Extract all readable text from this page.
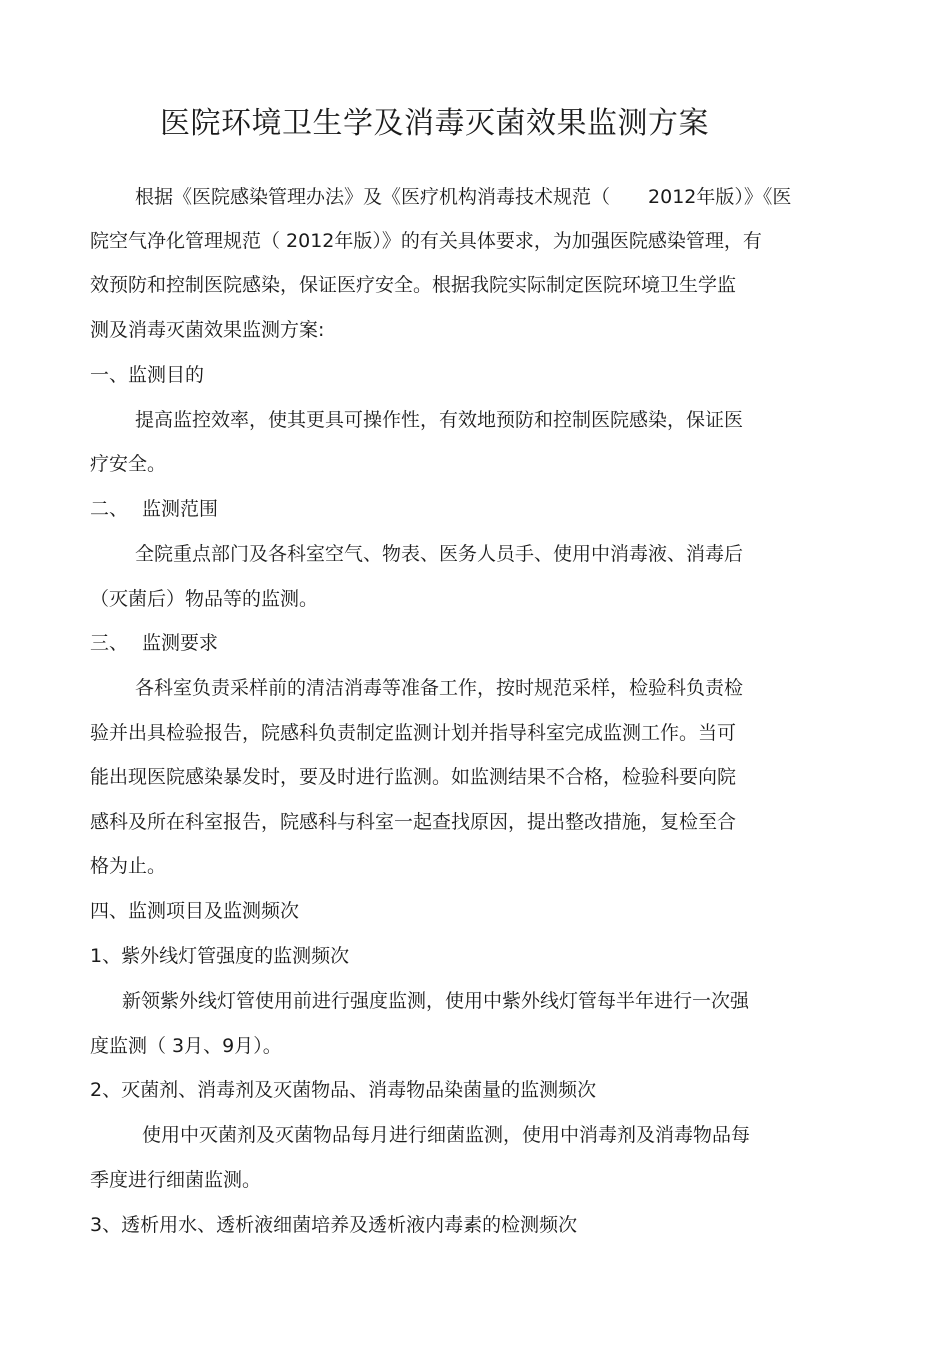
医院环境卫生学及消毒灭菌效果监测方案
根据《医院感染管理办法》及《医疗机构消毒技术规范（ 2012年版）》《医
院空气净化管理规范（ 2012年版）》的有关具体要求，为加强医院感染管理，有
效预防和控制医院感染，保证医疗安全。根据我院实际制定医院环境卫生学监
测及消毒灭菌效果监测方案:
一、监测目的
提高监控效率，使其更具可操作性，有效地预防和控制医院感染，保证医
疗安全。
二、 监测范围
全院重点部门及各科室空气、物表、医务人员手、使用中消毒液、消毒后
（灭菌后）物品等的监测。
三、 监测要求
各科室负责采样前的清洁消毒等准备工作，按时规范采样，检验科负责检
验并出具检验报告，院感科负责制定监测计划并指导科室完成监测工作。当可
能出现医院感染暴发时，要及时进行监测。如监测结果不合格，检验科要向院
感科及所在科室报告，院感科与科室一起查找原因，提出整改措施，复检至合
格为止。
四、监测项目及监测频次
1、紫外线灯管强度的监测频次
新领紫外线灯管使用前进行强度监测，使用中紫外线灯管每半年进行一次强
度监测（ 3月、9月）。
2、灭菌剂、消毒剂及灭菌物品、消毒物品染菌量的监测频次
使用中灭菌剂及灭菌物品每月进行细菌监测，使用中消毒剂及消毒物品每
季度进行细菌监测。
3、透析用水、透析液细菌培养及透析液内毒素的检测频次
